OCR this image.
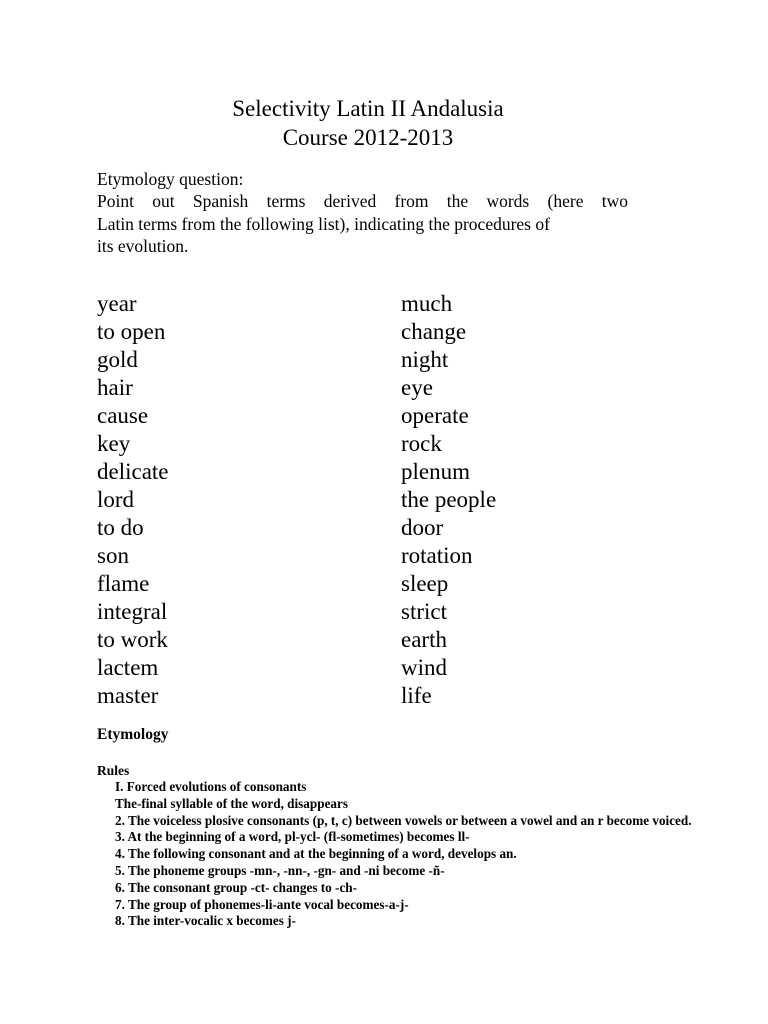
Selectivity Latin II Andalusia
Course 2012-2013
Etymology question:
Point out Spanish terms derived from the words (here two
Latin terms from the following list), indicating the procedures of
its evolution.
year
to open
gold
hair
cause
key
delicate
lord
to do
son
flame
integral
to work
lactem
master
much
change
night
eye
operate
rock
plenum
the people
door
rotation
sleep
strict
earth
wind
life
Etymology
Rules
I. Forced evolutions of consonants
The-final syllable of the word, disappears
2. The voiceless plosive consonants (p, t, c) between vowels or between a vowel and an r become voiced.
3. At the beginning of a word, pl-ycl- (fl-sometimes) becomes ll-
4. The following consonant and at the beginning of a word, develops an.
5. The phoneme groups -mn-, -nn-, -gn- and -ni become -ñ-
6. The consonant group -ct- changes to -ch-
7. The group of phonemes-li-ante vocal becomes-a-j-
8. The inter-vocalic x becomes j-
